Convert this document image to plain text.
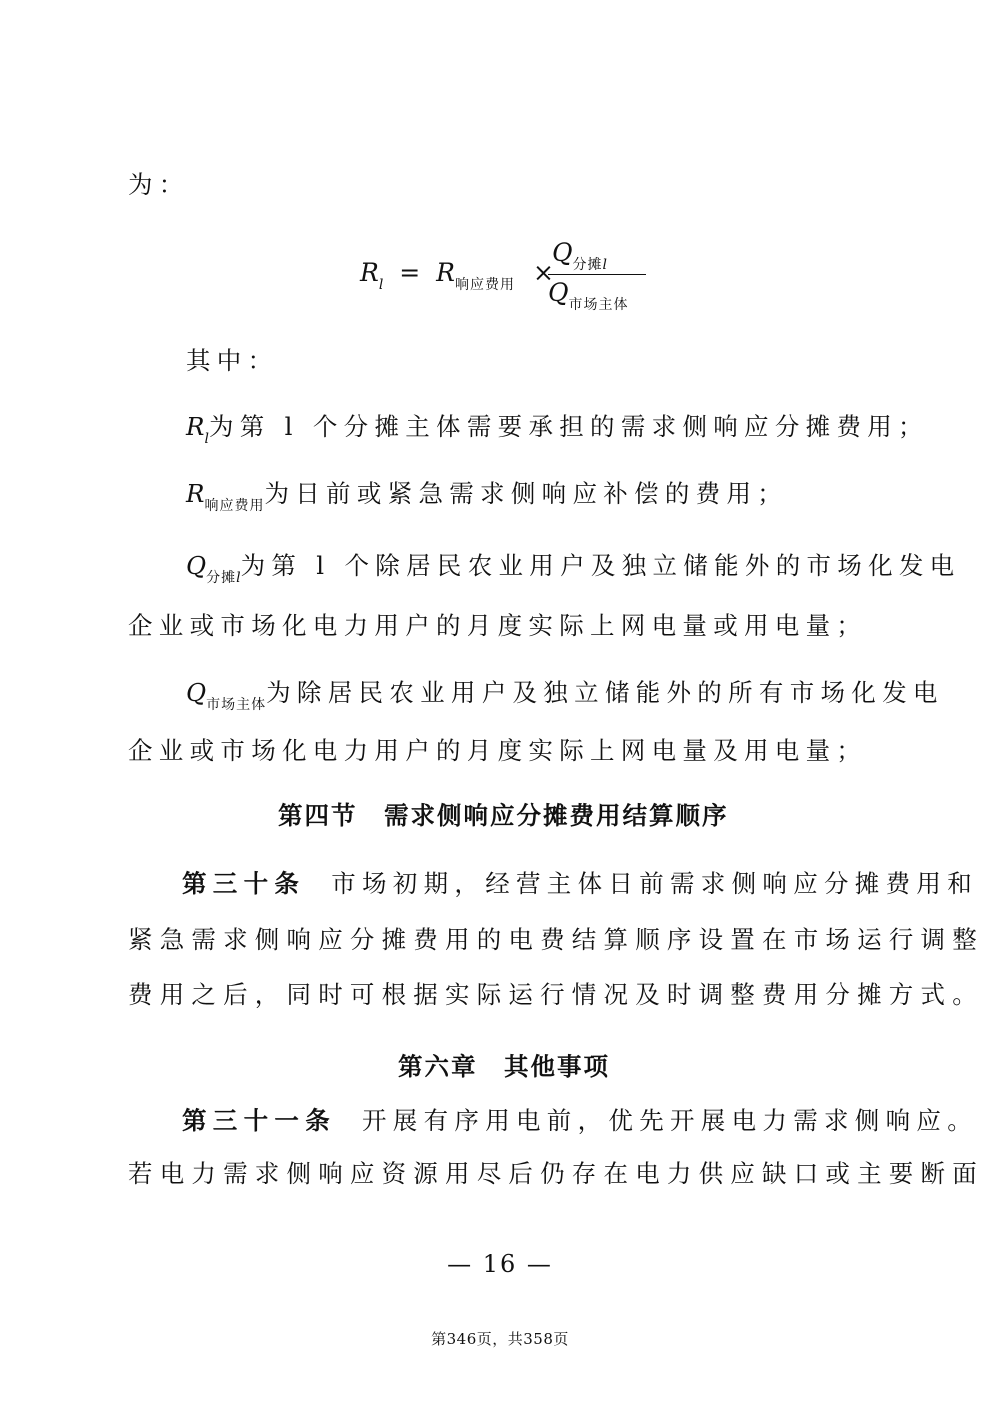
为：
$R_l = R_{响应费用}$ ×
$Q_{分摊l}$
$Q_{市场主体}$
其中：
$R_l$为第 l 个分摊主体需要承担的需求侧响应分摊费用；
$R_{响应费用}$为日前或紧急需求侧响应补偿的费用；
$Q_{分摊l}$为第 l 个除居民农业用户及独立储能外的市场化发电
企业或市场化电力用户的月度实际上网电量或用电量；
$Q_{市场主体}$为除居民农业用户及独立储能外的所有市场化发电
企业或市场化电力用户的月度实际上网电量及用电量；
第四节　需求侧响应分摊费用结算顺序
第三十条 市场初期，经营主体日前需求侧响应分摊费用和
紧急需求侧响应分摊费用的电费结算顺序设置在市场运行调整
费用之后，同时可根据实际运行情况及时调整费用分摊方式。
第六章　其他事项
第三十一条 开展有序用电前，优先开展电力需求侧响应。
若电力需求侧响应资源用尽后仍存在电力供应缺口或主要断面
— 16 —
第346页，共358页
